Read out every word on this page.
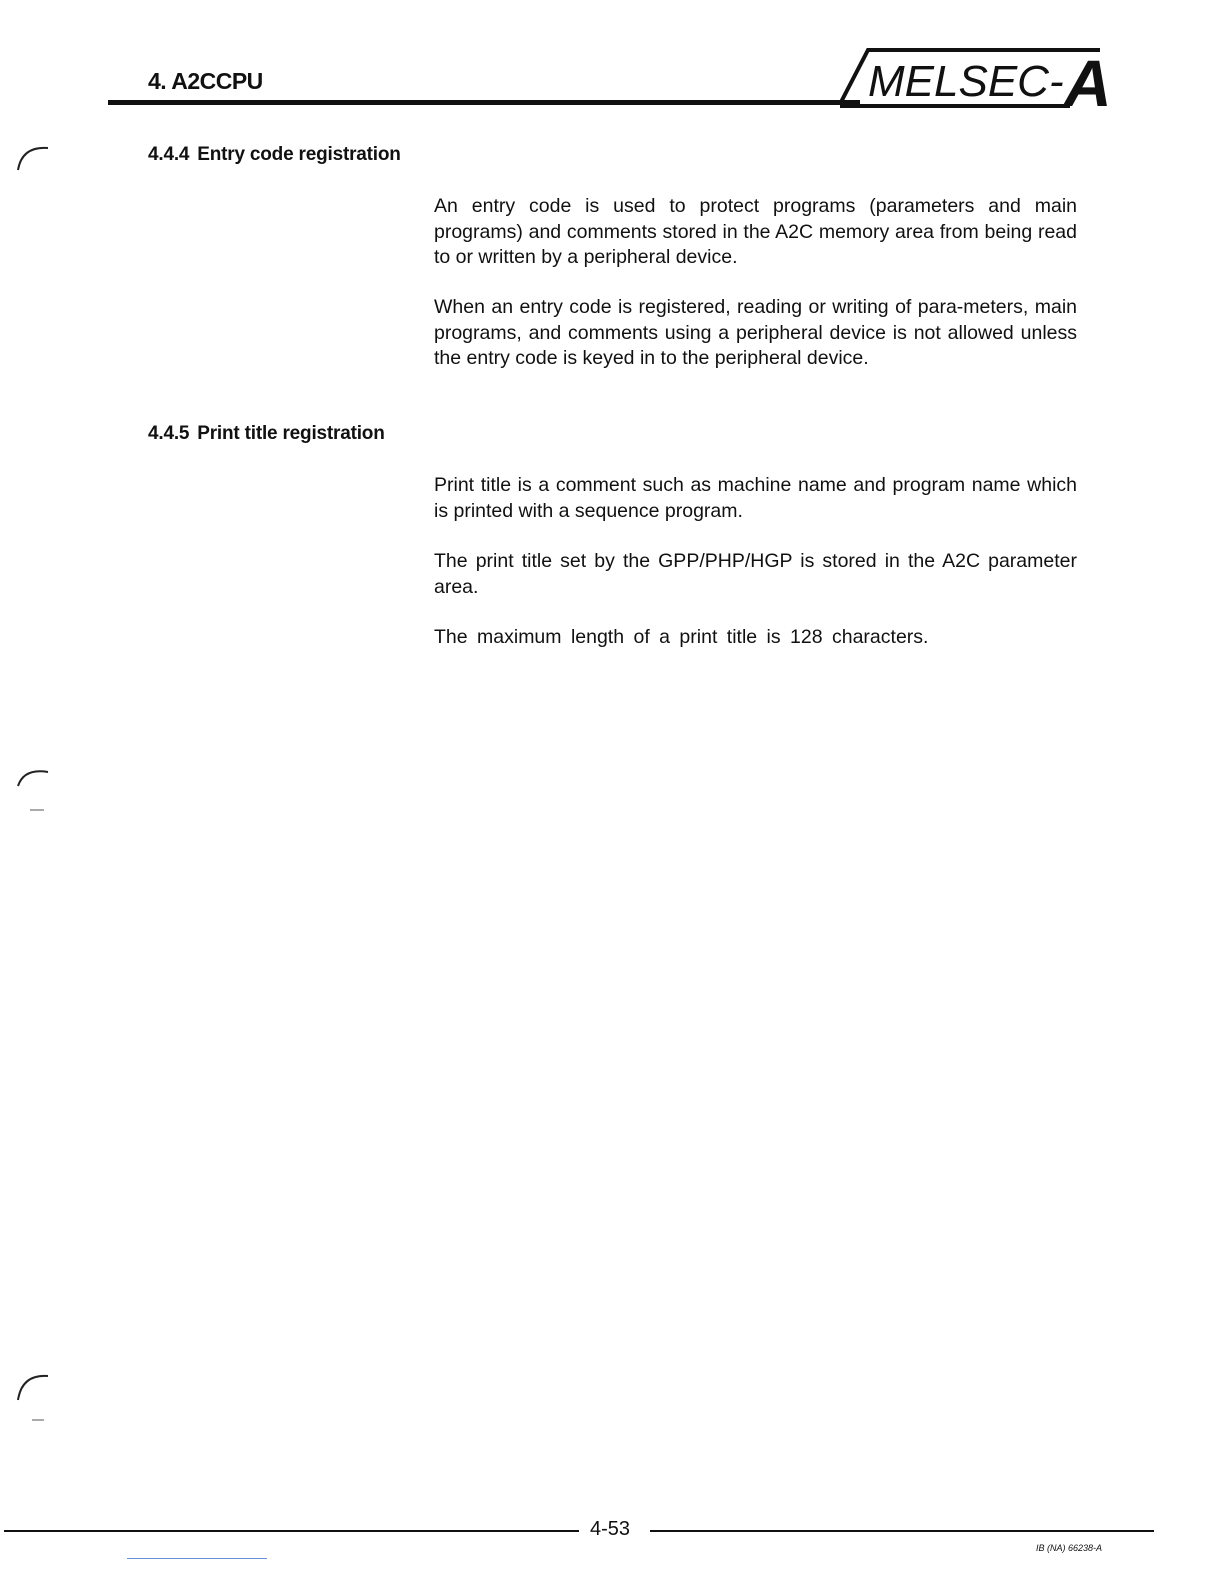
4. A2CCPU	MELSEC- A
4.4.4 Entry code registration

An entry code is used to protect programs (parameters and main programs) and comments stored in the A2C memory area from being read to or written by a peripheral device.

When an entry code is registered, reading or writing of para-meters, main programs, and comments using a peripheral device is not allowed unless the entry code is keyed in to the peripheral device.

4.4.5 Print title registration

Print title is a comment such as machine name and program name which is printed with a sequence program.

The print title set by the GPP/PHP/HGP is stored in the A2C parameter area.

The maximum length of a print title is 128 characters.

4-53
IB (NA) 66238-A
